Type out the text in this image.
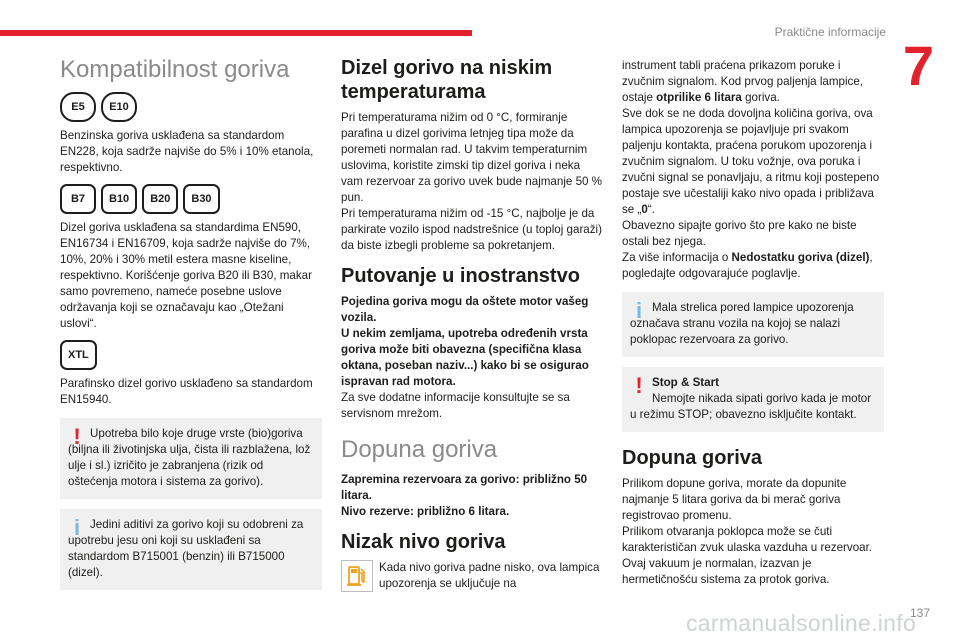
Praktične informacije
7
Kompatibilnost goriva
E5	E10

Benzinska goriva usklađena sa standardom EN228, koja sadrže najviše do 5% i 10% etanola, respektivno.

B7	B10	B20	B30

Dizel goriva usklađena sa standardima EN590, EN16734 i EN16709, koja sadrže najviše do 7%, 10%, 20% i 30% metil estera masne kiseline, respektivno. Korišćenje goriva B20 ili B30, makar samo povremeno, nameće posebne uslove održavanja koji se označavaju kao „Otežani uslovi“.

XTL

Parafinsko dizel gorivo usklađeno sa standardom EN15940.

! Upotreba bilo koje druge vrste (bio)goriva (biljna ili životinjska ulja, čista ili razblažena, lož ulje i sl.) izričito je zabranjena (rizik od oštećenja motora i sistema za gorivo).
i Jedini aditivi za gorivo koji su odobreni za upotrebu jesu oni koji su usklađeni sa standardom B715001 (benzin) ili B715000 (dizel).
Dizel gorivo na niskim temperaturama

Pri temperaturama nižim od 0 °C, formiranje parafina u dizel gorivima letnjeg tipa može da poremeti normalan rad. U takvim temperaturnim uslovima, koristite zimski tip dizel goriva i neka vam rezervoar za gorivo uvek bude najmanje 50 % pun.

Pri temperaturama nižim od -15 °C, najbolje je da parkirate vozilo ispod nadstrešnice (u toploj garaži) da biste izbegli probleme sa pokretanjem.

Putovanje u inostranstvo

Pojedina goriva mogu da oštete motor vašeg vozila.

U nekim zemljama, upotreba određenih vrsta goriva može biti obavezna (specifična klasa oktana, poseban naziv...) kako bi se osigurao ispravan rad motora.

Za sve dodatne informacije konsultujte se sa servisnom mrežom.

Dopuna goriva

Zapremina rezervoara za gorivo: približno 50 litara.

Nivo rezerve: približno 6 litara.

Nizak nivo goriva

Kada nivo goriva padne nisko, ova lampica upozorenja se uključuje na

instrument tabli praćena prikazom poruke i zvučnim signalom. Kod prvog paljenja lampice, ostaje otprilike 6 litara goriva.

Sve dok se ne doda dovoljna količina goriva, ova lampica upozorenja se pojavljuje pri svakom paljenju kontakta, praćena porukom upozorenja i zvučnim signalom. U toku vožnje, ova poruka i zvučni signal se ponavljaju, a ritmu koji postepeno postaje sve učestaliji kako nivo opada i približava se „0“.

Obavezno sipajte gorivo što pre kako ne biste ostali bez njega.

Za više informacija o Nedostatku goriva (dizel), pogledajte odgovarajuće poglavlje.

i Mala strelica pored lampice upozorenja označava stranu vozila na kojoj se nalazi poklopac rezervoara za gorivo.
! Stop & Start
Nemojte nikada sipati gorivo kada je motor u režimu STOP; obavezno isključite kontakt.
Dopuna goriva

Prilikom dopune goriva, morate da dopunite najmanje 5 litara goriva da bi merač goriva registrovao promenu.

Prilikom otvaranja poklopca može se čuti karakterističan zvuk ulaska vazduha u rezervoar. Ovaj vakuum je normalan, izazvan je hermetičnošću sistema za protok goriva.

137
carmanualsonline.info
